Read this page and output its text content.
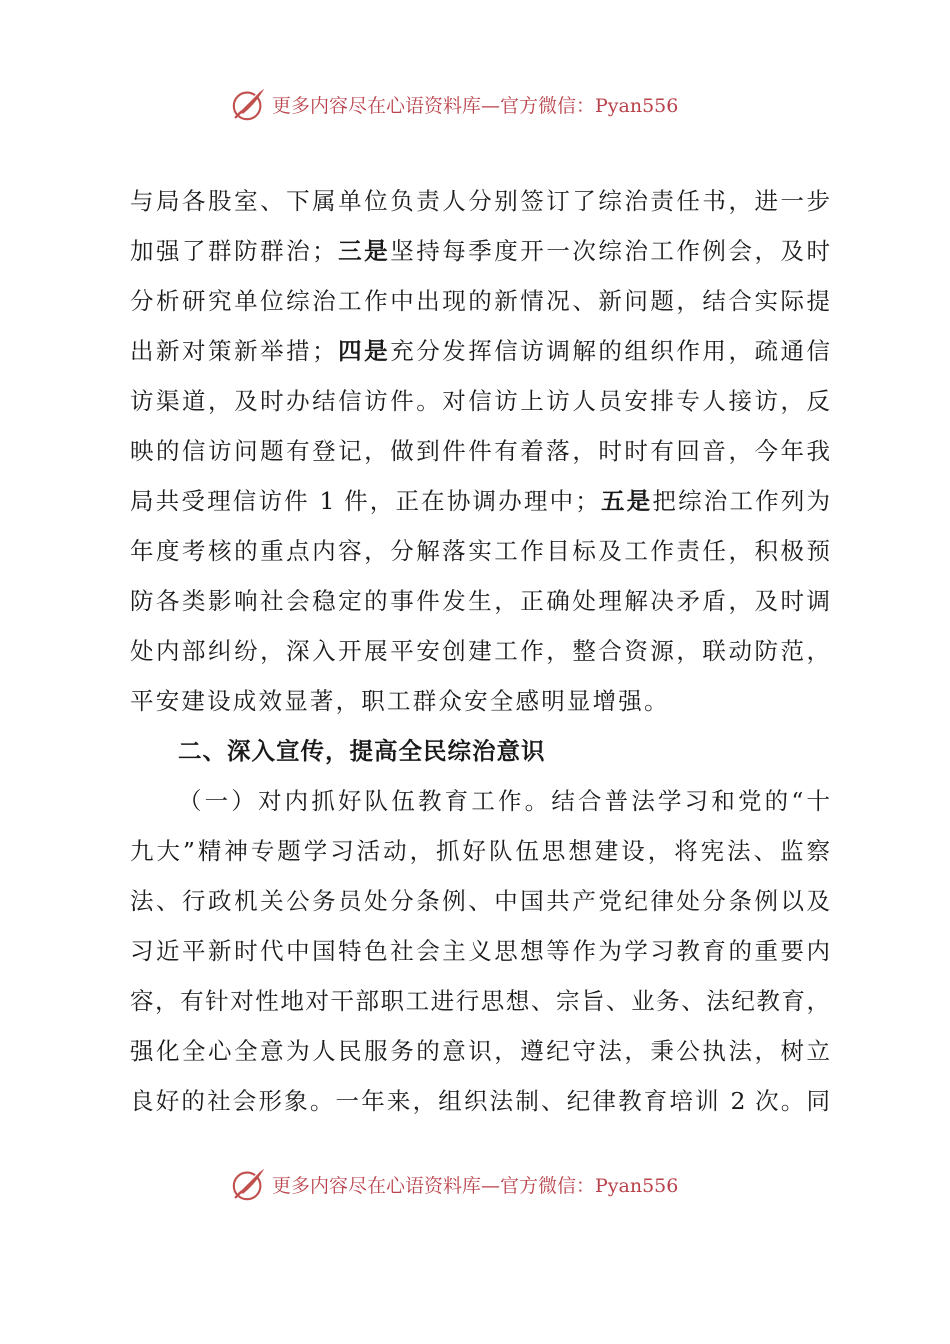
更多内容尽在心语资料库—官方微信：Pyan556
与局各股室、下属单位负责人分别签订了综治责任书，进一步
加强了群防群治；三是坚持每季度开一次综治工作例会，及时
分析研究单位综治工作中出现的新情况、新问题，结合实际提
出新对策新举措；四是充分发挥信访调解的组织作用，疏通信
访渠道，及时办结信访件。对信访上访人员安排专人接访，反
映的信访问题有登记，做到件件有着落，时时有回音，今年我
局共受理信访件 1 件，正在协调办理中；五是把综治工作列为
年度考核的重点内容，分解落实工作目标及工作责任，积极预
防各类影响社会稳定的事件发生，正确处理解决矛盾，及时调
处内部纠纷，深入开展平安创建工作，整合资源，联动防范，
平安建设成效显著，职工群众安全感明显增强。
二、深入宣传，提高全民综治意识
（一）对内抓好队伍教育工作。结合普法学习和党的“十
九大”精神专题学习活动，抓好队伍思想建设，将宪法、监察
法、行政机关公务员处分条例、中国共产党纪律处分条例以及
习近平新时代中国特色社会主义思想等作为学习教育的重要内
容，有针对性地对干部职工进行思想、宗旨、业务、法纪教育，
强化全心全意为人民服务的意识，遵纪守法，秉公执法，树立
良好的社会形象。一年来，组织法制、纪律教育培训 2 次。同
更多内容尽在心语资料库—官方微信：Pyan556
